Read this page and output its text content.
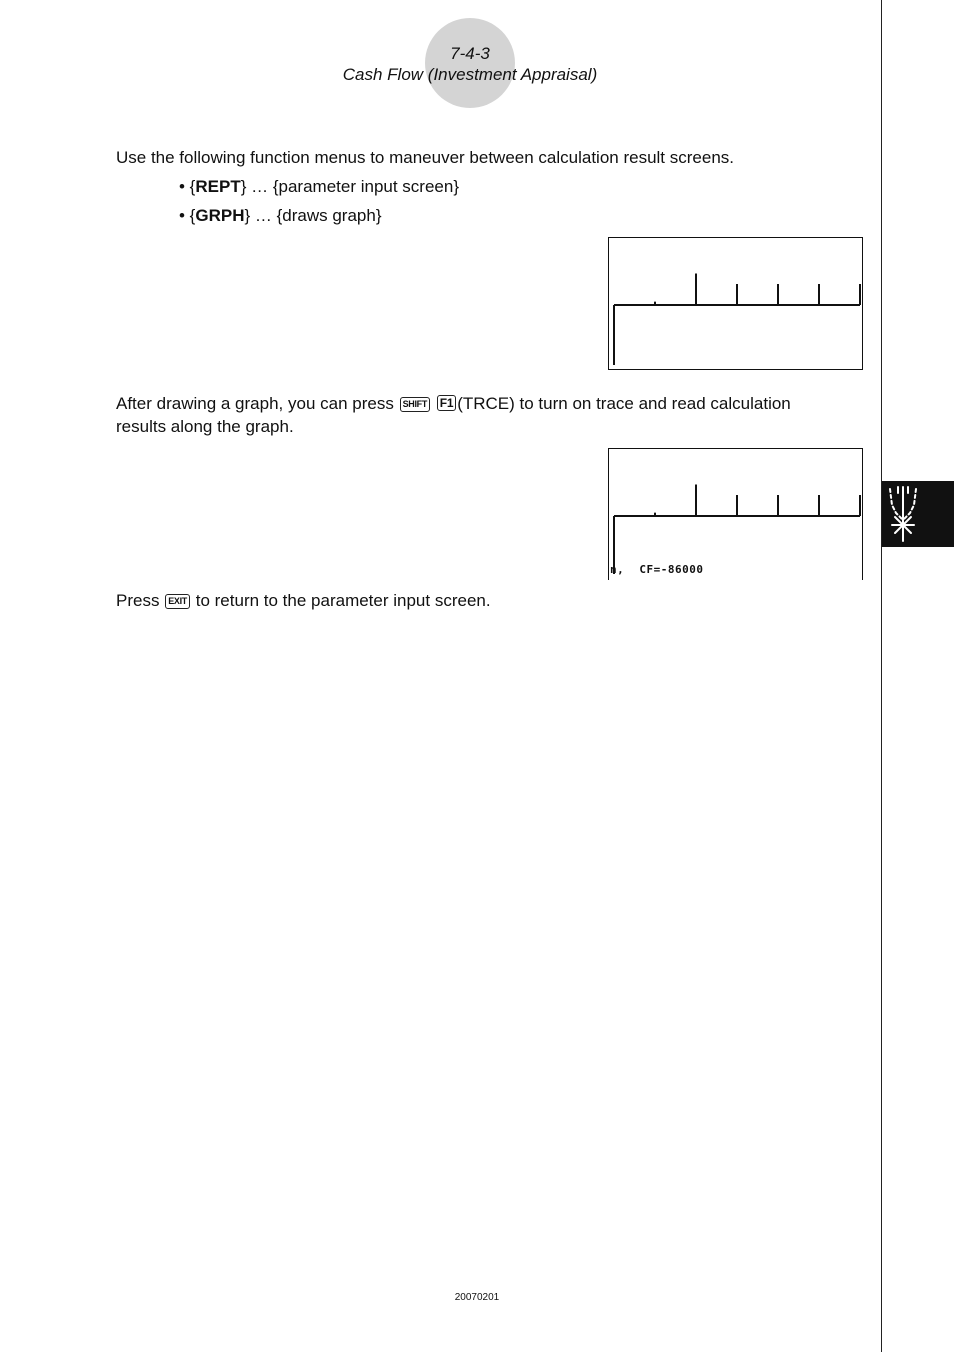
7-4-3
Cash Flow (Investment Appraisal)
Use the following function menus to maneuver between calculation result screens.
• {REPT} … {parameter input screen}
• {GRPH} … {draws graph}
After drawing a graph, you can press SHIFT F1 (TRCE) to turn on trace and read calculation
results along the graph.
n, CF=-86000
Press EXIT to return to the parameter input screen.
20070201
